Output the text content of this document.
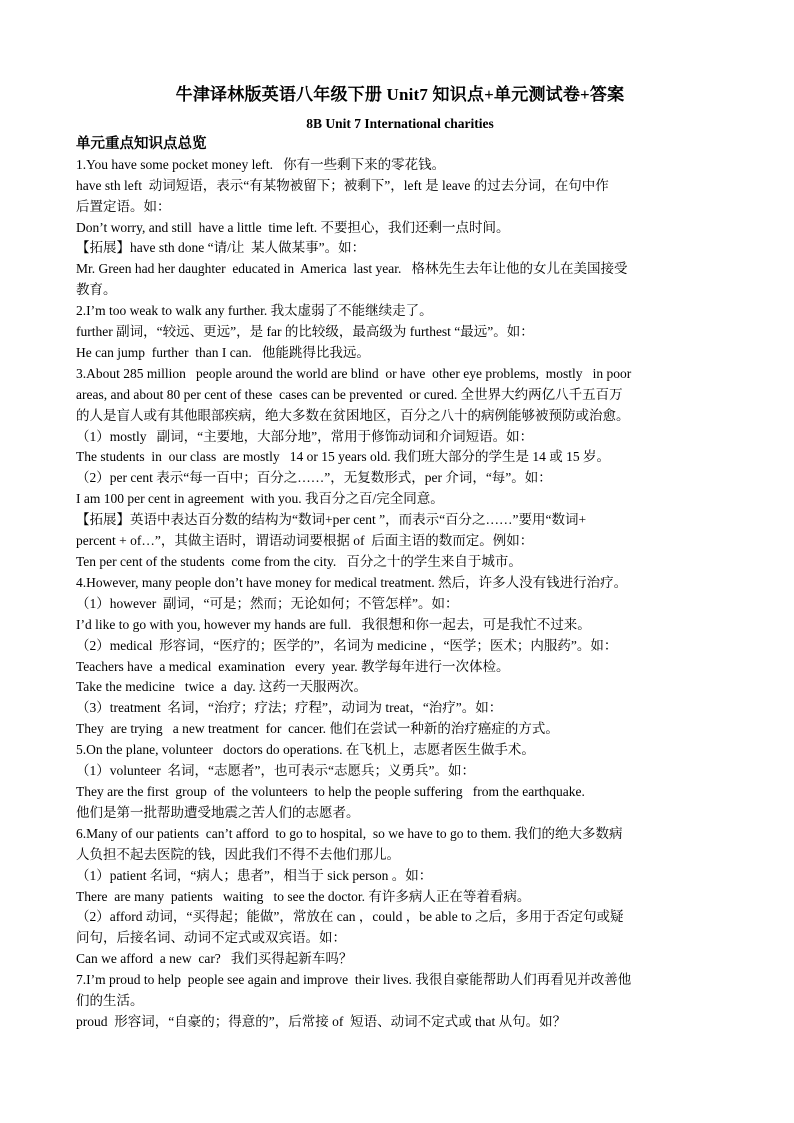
牛津译林版英语八年级下册 Unit7 知识点+单元测试卷+答案
8B Unit 7 International charities
单元重点知识点总览

1.You have some pocket money left.   你有一些剩下来的零花钱。

have sth left  动词短语，表示“有某物被留下；被剩下”，left 是 leave 的过去分词，在句中作

后置定语。如：

Don’t worry, and still  have a little  time left. 不要担心，我们还剩一点时间。

【拓展】have sth done “请/让  某人做某事”。如：

Mr. Green had her daughter  educated in  America  last year.   格林先生去年让他的女儿在美国接受

教育。

2.I’m too weak to walk any further. 我太虚弱了不能继续走了。

further 副词，“较远、更远”，是 far 的比较级，最高级为 furthest “最远”。如：

He can jump  further  than I can.   他能跳得比我远。

3.About 285 million   people around the world are blind  or have  other eye problems,  mostly   in poor

areas, and about 80 per cent of these  cases can be prevented  or cured. 全世界大约两亿八千五百万

的人是盲人或有其他眼部疾病，绝大多数在贫困地区，百分之八十的病例能够被预防或治愈。

（1）mostly   副词，“主要地，大部分地”，常用于修饰动词和介词短语。如：

The students  in  our class  are mostly   14 or 15 years old. 我们班大部分的学生是 14 或 15 岁。

（2）per cent 表示“每一百中；百分之……”，无复数形式，per 介词，“每”。如：

I am 100 per cent in agreement  with you. 我百分之百/完全同意。

【拓展】英语中表达百分数的结构为“数词+per cent ”，而表示“百分之……”要用“数词+

percent + of…”，其做主语时，谓语动词要根据 of  后面主语的数而定。例如：

Ten per cent of the students  come from the city.   百分之十的学生来自于城市。

4.However, many people don’t have money for medical treatment. 然后，许多人没有钱进行治疗。

（1）however  副词，“可是；然而；无论如何；不管怎样”。如：

I’d like to go with you, however my hands are full.   我很想和你一起去，可是我忙不过来。

（2）medical  形容词，“医疗的；医学的”，名词为 medicine ，“医学；医术；内服药”。如：

Teachers have  a medical  examination   every  year. 教学每年进行一次体检。

Take the medicine   twice  a  day. 这药一天服两次。

（3）treatment  名词，“治疗；疗法；疗程”，动词为 treat，“治疗”。如：

They  are trying   a new treatment  for  cancer. 他们在尝试一种新的治疗癌症的方式。

5.On the plane, volunteer   doctors do operations. 在飞机上，志愿者医生做手术。

（1）volunteer  名词，“志愿者”，也可表示“志愿兵；义勇兵”。如：

They are the first  group  of  the volunteers  to help the people suffering   from the earthquake.

他们是第一批帮助遭受地震之苦人们的志愿者。

6.Many of our patients  can’t afford  to go to hospital,  so we have to go to them. 我们的绝大多数病

人负担不起去医院的钱，因此我们不得不去他们那儿。

（1）patient 名词，“病人；患者”，相当于 sick person 。如：

There  are many  patients   waiting   to see the doctor. 有许多病人正在等着看病。

（2）afford 动词，“买得起；能做”，常放在 can ，could ，be able to 之后，多用于否定句或疑

问句，后接名词、动词不定式或双宾语。如：

Can we afford  a new  car?   我们买得起新车吗？

7.I’m proud to help  people see again and improve  their lives. 我很自豪能帮助人们再看见并改善他

们的生活。

proud  形容词，“自豪的；得意的”，后常接 of  短语、动词不定式或 that 从句。如？
